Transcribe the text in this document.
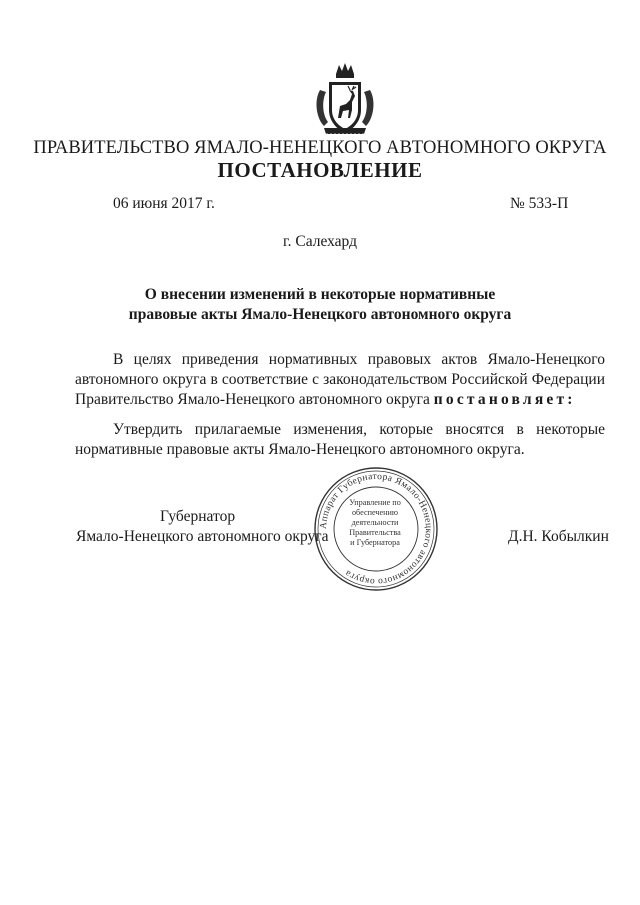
ПРАВИТЕЛЬСТВО ЯМАЛО-НЕНЕЦКОГО АВТОНОМНОГО ОКРУГА
ПОСТАНОВЛЕНИЕ
06 июня 2017 г.	№ 533-П
г. Салехард
О внесении изменений в некоторые нормативные
правовые акты Ямало-Ненецкого автономного округа
В целях приведения нормативных правовых актов Ямало-Ненецкого автономного округа в соответствие с законодательством Российской Федерации Правительство Ямало-Ненецкого автономного округа постановляет:
Утвердить прилагаемые изменения, которые вносятся в некоторые нормативные правовые акты Ямало-Ненецкого автономного округа.
Аппарат Губернатора Ямало-Ненецкого автономного округа
Управление по
обеспечению
деятельности
Правительства
и Губернатора
Губернатор
Ямало-Ненецкого автономного округа	Д.Н. Кобылкин
